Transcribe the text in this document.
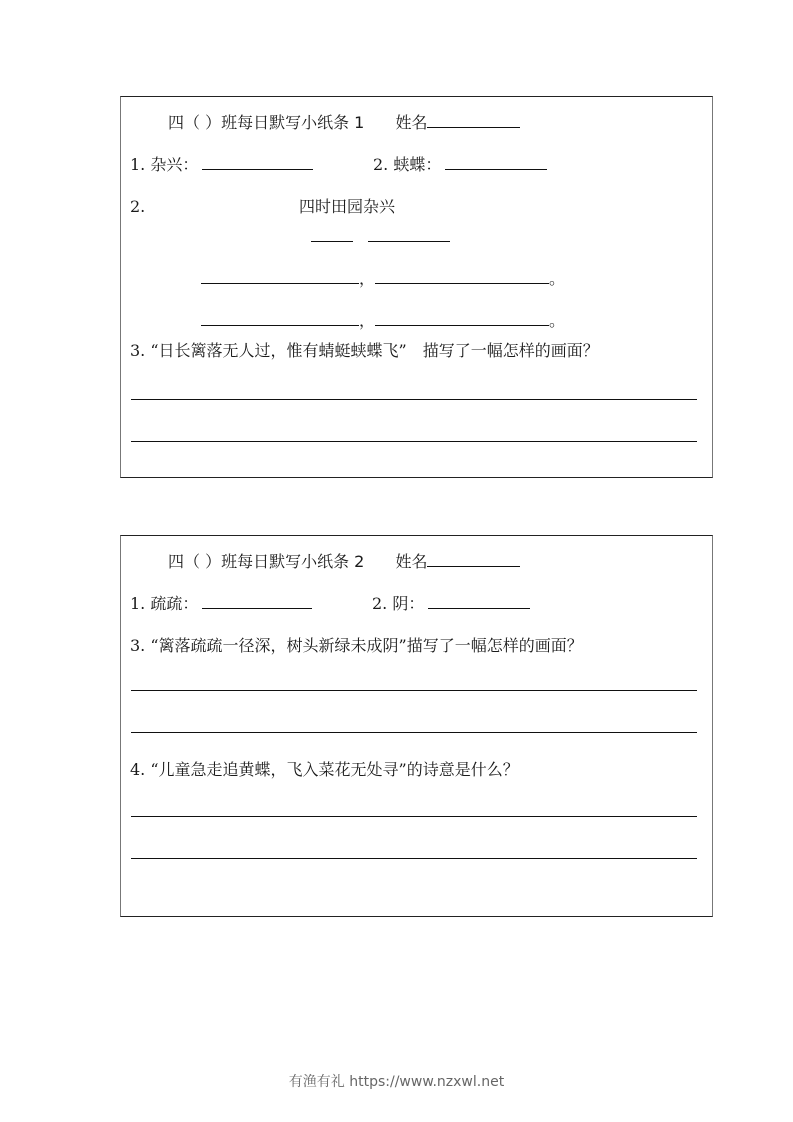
四（ ）班每日默写小纸条 1 姓名
1. 杂兴：	2. 蛱蝶：
2.	四时田园杂兴

，	。
，	。
3. “日长篱落无人过，惟有蜻蜓蛱蝶飞”　描写了一幅怎样的画面？
四（ ）班每日默写小纸条 2 姓名
1. 疏疏：	2. 阴：
3. “篱落疏疏一径深，树头新绿未成阴”描写了一幅怎样的画面？
4. “儿童急走追黄蝶，飞入菜花无处寻”的诗意是什么？
有渔有礼 https://www.nzxwl.net
